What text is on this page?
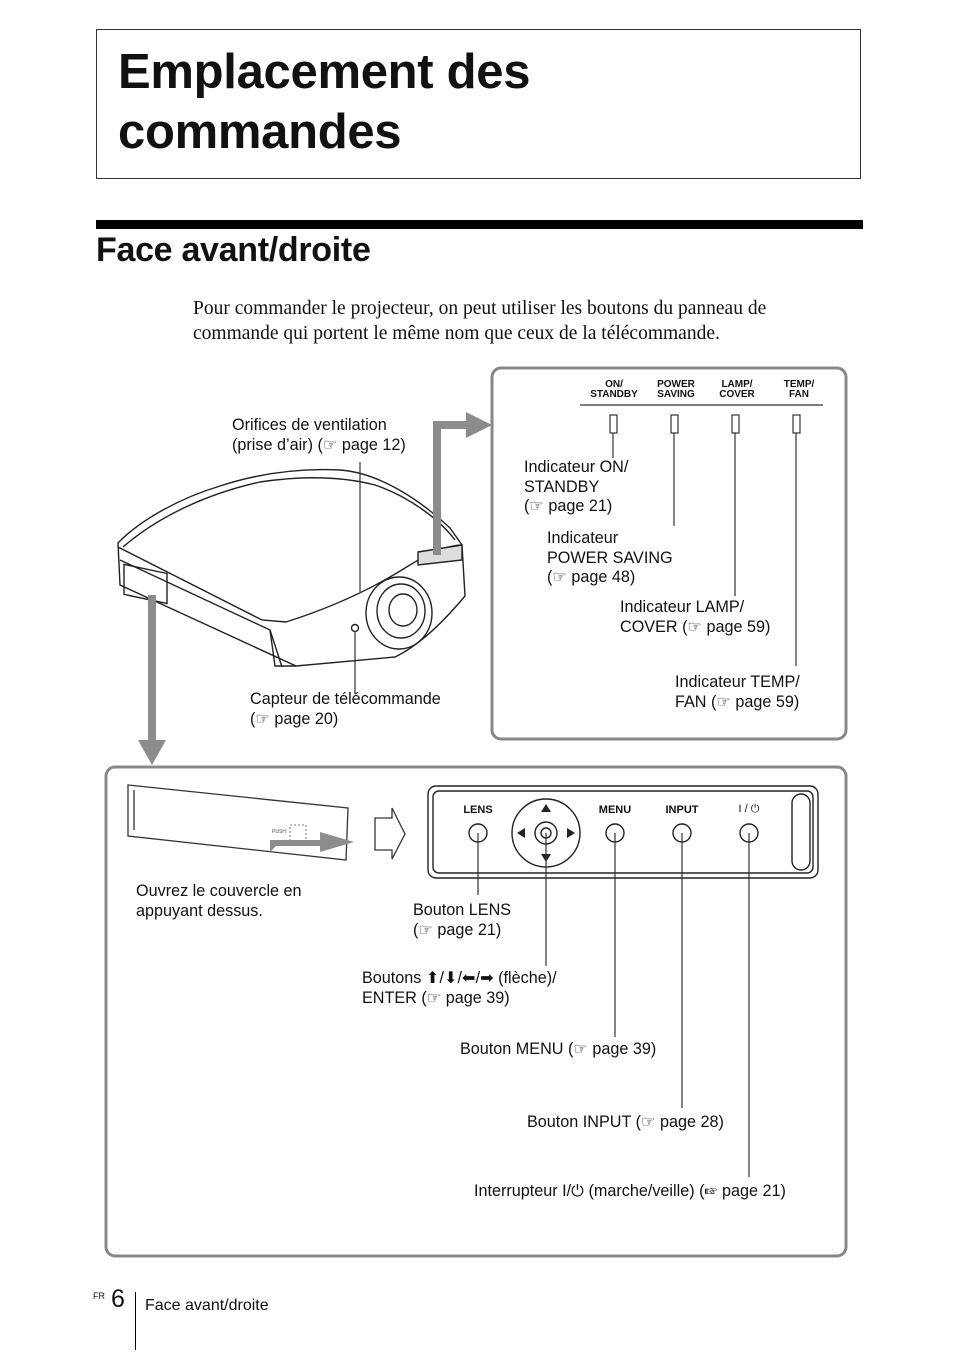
Emplacement des
commandes
Face avant/droite
Pour commander le projecteur, on peut utiliser les boutons du panneau de commande qui portent le même nom que ceux de la télécommande.
Orifices de ventilation
(prise d’air) (☞ page 12)
Capteur de télécommande
(☞ page 20)
ON/
STANDBY
POWER
SAVING
LAMP/
COVER
TEMP/
FAN
Indicateur ON/
STANDBY
(☞ page 21)
Indicateur
POWER SAVING
(☞ page 48)
Indicateur LAMP/
COVER (☞ page 59)
Indicateur TEMP/
FAN (☞ page 59)
PUSH
Ouvrez le couvercle en
appuyant dessus.
LENS	MENU	INPUT	I / ⏻
Bouton LENS
(☞ page 21)
Boutons ⬆/⬇/⬅/➡ (flèche)/
ENTER (☞ page 39)
Bouton MENU (☞ page 39)
Bouton INPUT (☞ page 28)
Interrupteur I/⏻ (marche/veille) (☞ page 21)
FR 6 Face avant/droite
